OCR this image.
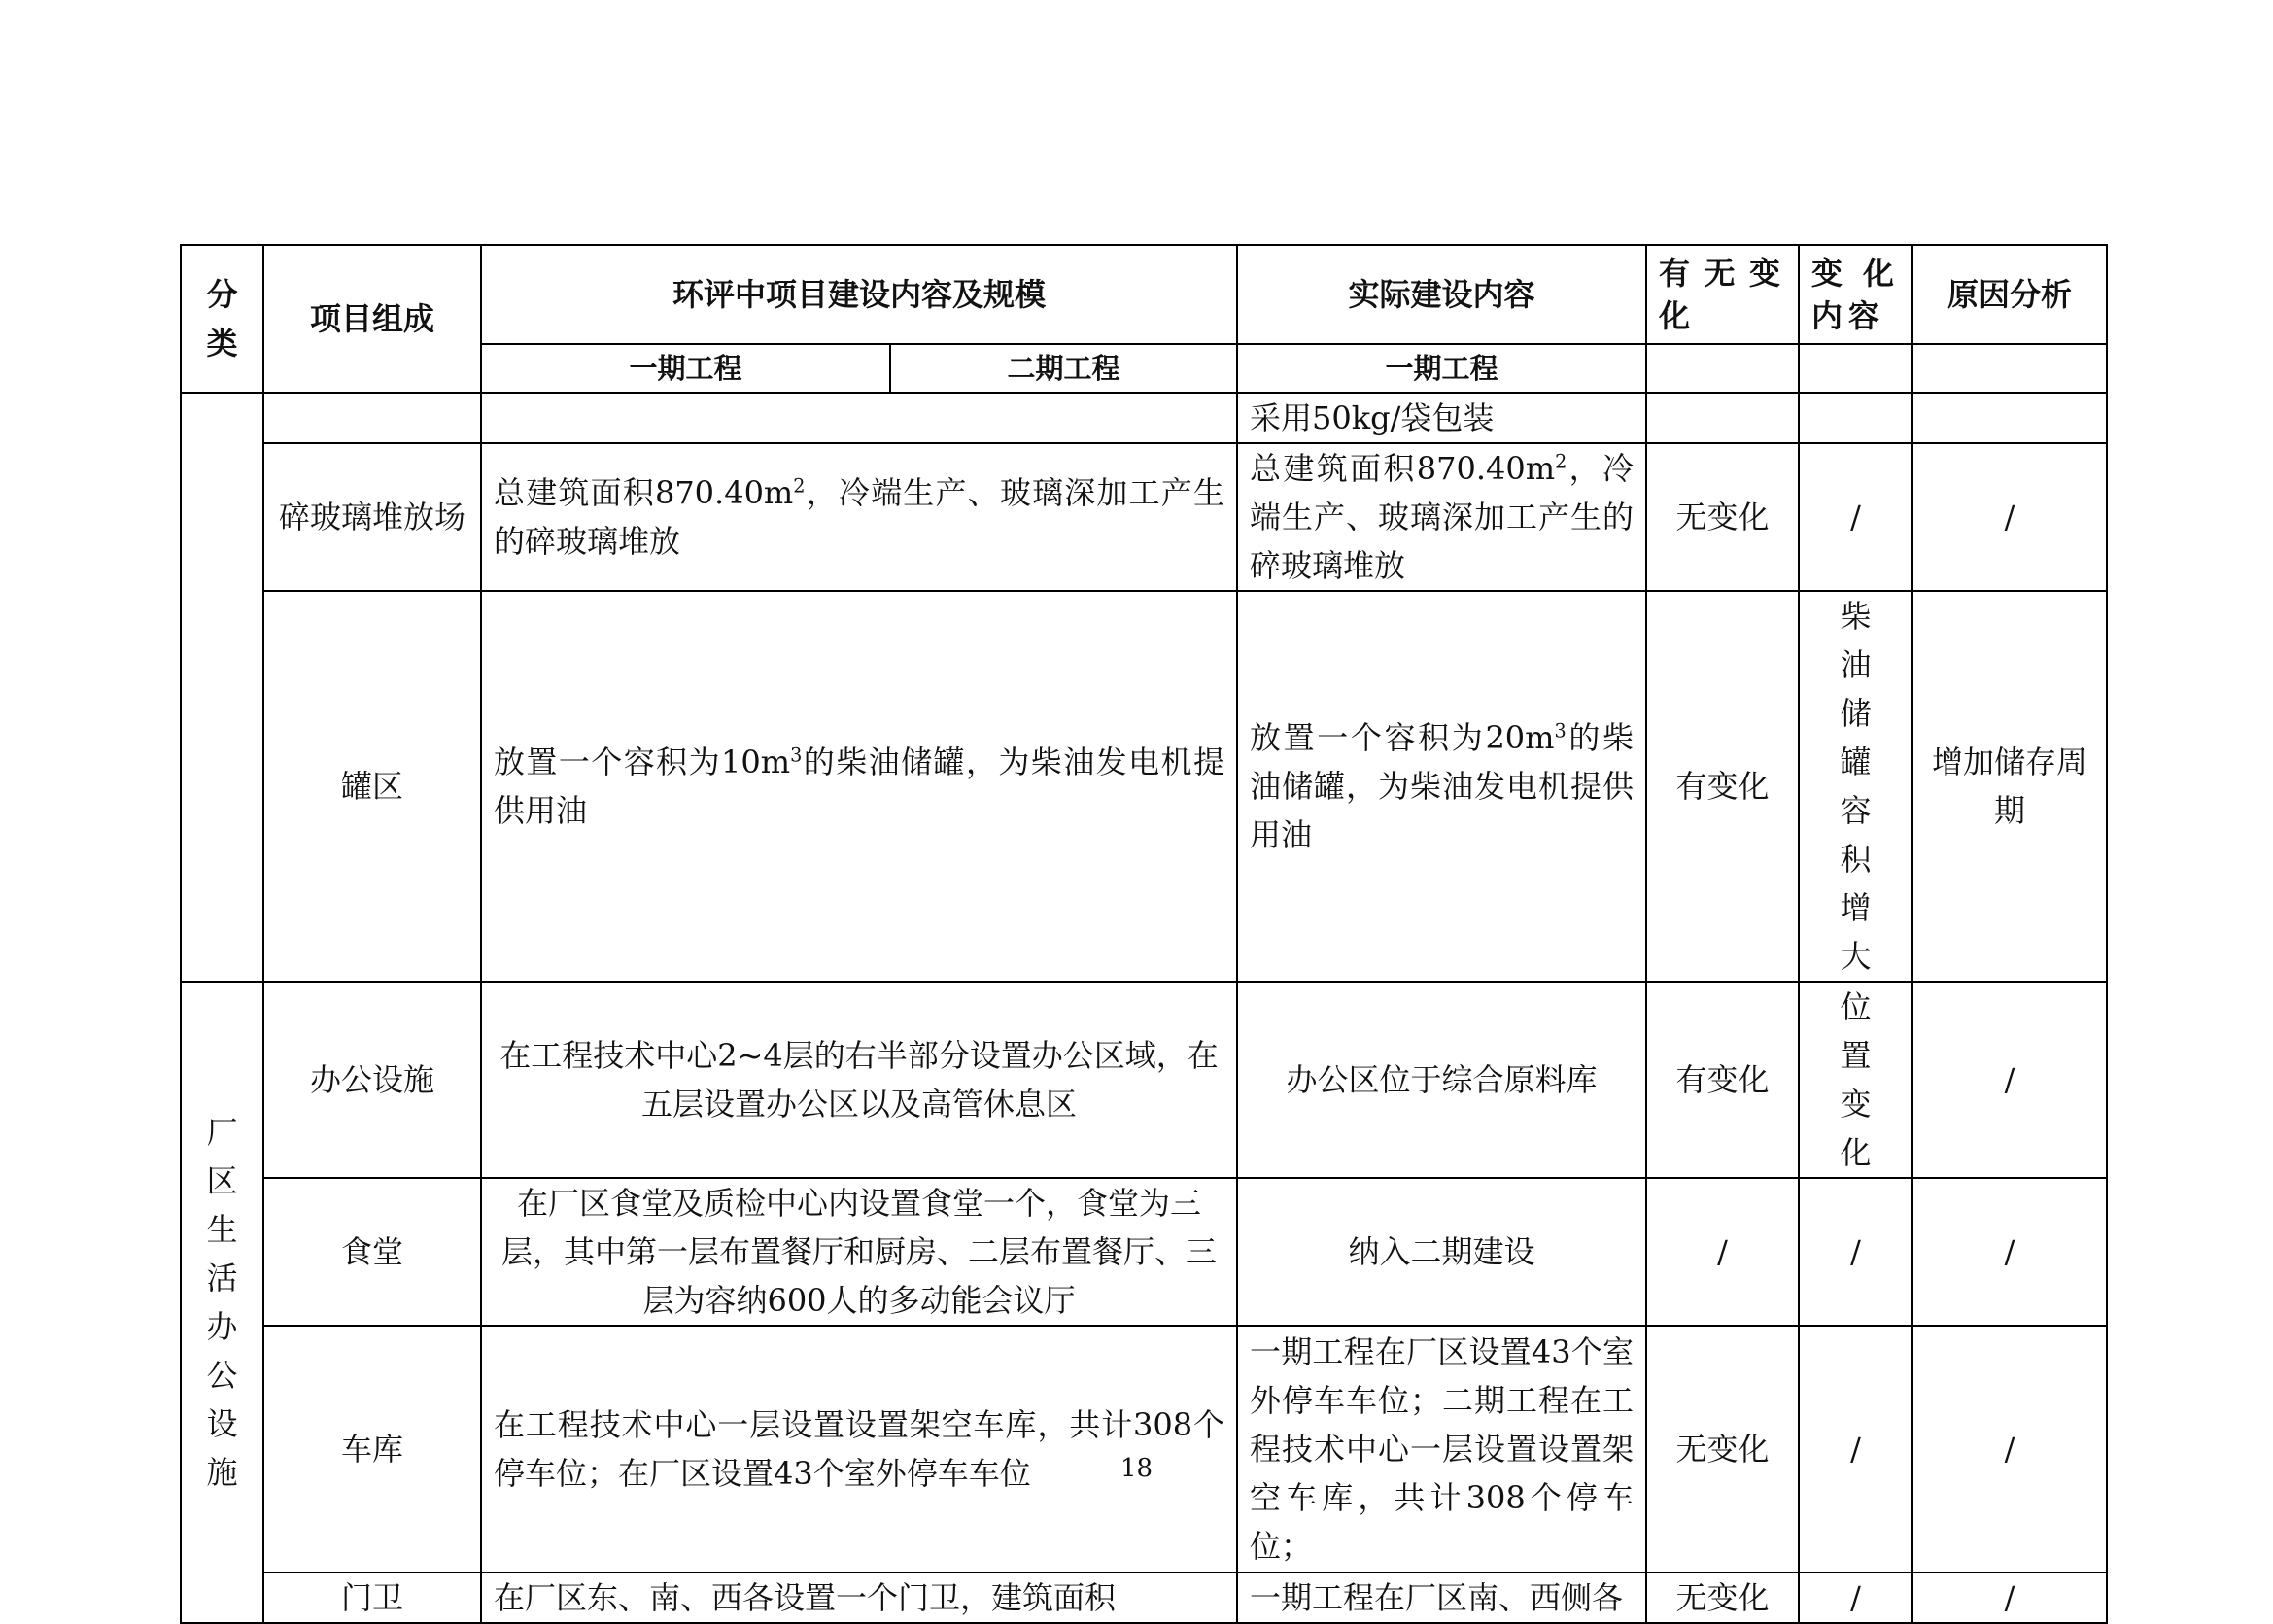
分类	项目组成	环评中项目建设内容及规模		实际建设内容	有无变化	变化内容	原因分析
		一期工程	二期工程	一期工程			
				采用50kg/袋包装			
	碎玻璃堆放场	总建筑面积$870.40m^2$，冷端生产、玻璃深加工产生的碎玻璃堆放		总建筑面积$870.40m^2$，冷端生产、玻璃深加工产生的碎玻璃堆放	无变化	/	/
	罐区	放置一个容积为$10m^3$的柴油储罐，为柴油发电机提供用油		放置一个容积为$20m^3$的柴油储罐，为柴油发电机提供用油	有变化	柴油储罐容积增大	增加储存周期

厂区生活办公设施	办公设施	在工程技术中心2~4层的右半部分设置办公区域，在五层设置办公区以及高管休息区		办公区位于综合原料库	有变化	位置变化	/
	食堂	在厂区食堂及质检中心内设置食堂一个，食堂为三层，其中第一层布置餐厅和厨房、二层布置餐厅、三层为容纳600人的多动能会议厅		纳入二期建设	/	/	/
	车库	在工程技术中心一层设置设置架空车库，共计308个停车位；在厂区设置43个室外停车车位		一期工程在厂区设置43个室外停车车位；二期工程在工程技术中心一层设置设置架空车库，共计308个停车位；	无变化	/	/
	门卫	在厂区东、南、西各设置一个门卫，建筑面积		一期工程在厂区南、西侧各	无变化	/	/
18
